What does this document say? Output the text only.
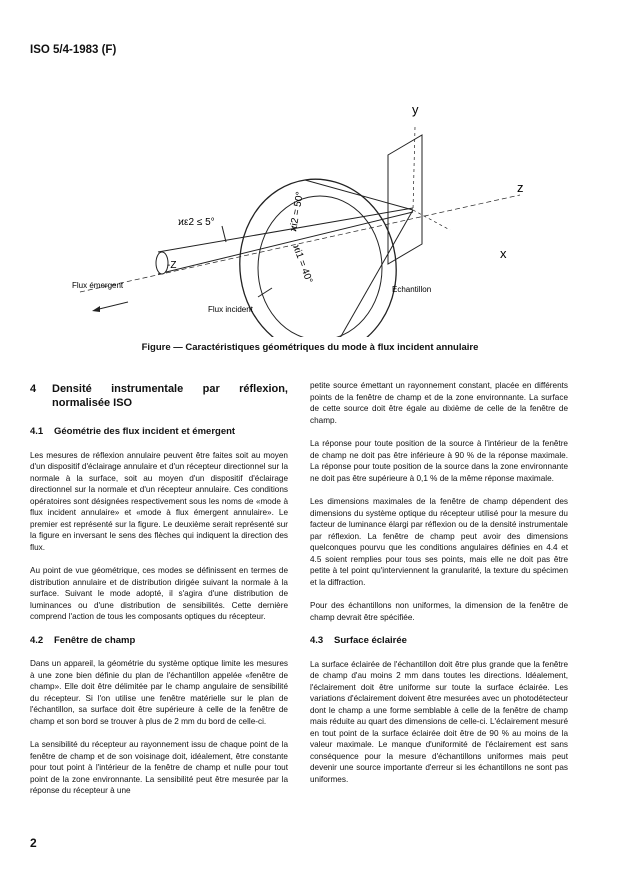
ISO 5/4-1983 (F)
y
z
x
-Z
ϰε2 ≤ 5°	ϰi2 = 50°
ϰi1 = 40°
Flux émergent
Flux incident
Échantillon
Figure — Caractéristiques géométriques du mode à flux incident annulaire
4	Densité instrumentale par réflexion, normalisée ISO
4.1	Géométrie des flux incident et émergent

Les mesures de réflexion annulaire peuvent être faites soit au moyen d'un dispositif d'éclairage annulaire et d'un récepteur directionnel sur la normale à la surface, soit au moyen d'un dispositif d'éclairage directionnel sur la normale et d'un récepteur annulaire. Ces conditions opératoires sont désignées respectivement sous les noms de «mode à flux incident annulaire» et «mode à flux émergent annulaire». Le premier est représenté sur la figure. Le deuxième serait représenté sur la figure en inversant le sens des flèches qui indiquent la direction des flux.

Au point de vue géométrique, ces modes se définissent en termes de distribution annulaire et de distribution dirigée suivant la normale à la surface. Suivant le mode adopté, il s'agira d'une distribution de luminances ou d'une distribution de sensibilités. Cette dernière comprend l'action de tous les composants optiques du récepteur.

4.2	Fenêtre de champ

Dans un appareil, la géométrie du système optique limite les mesures à une zone bien définie du plan de l'échantillon appelée «fenêtre de champ». Elle doit être délimitée par le champ angulaire de sensibilité du récepteur. Si l'on utilise une fenêtre matérielle sur le plan de l'échantillon, sa surface doit être supérieure à celle de la fenêtre de champ et son bord se trouver à plus de 2 mm du bord de celle-ci.

La sensibilité du récepteur au rayonnement issu de chaque point de la fenêtre de champ et de son voisinage doit, idéalement, être constante pour tout point à l'intérieur de la fenêtre de champ et nulle pour tout point de la zone environnante. La sensibilité peut être mesurée par la réponse du récepteur à une

petite source émettant un rayonnement constant, placée en différents points de la fenêtre de champ et de la zone environnante. La surface de cette source doit être égale au dixième de celle de la fenêtre de champ.

La réponse pour toute position de la source à l'intérieur de la fenêtre de champ ne doit pas être inférieure à 90 % de la réponse maximale. La réponse pour toute position de la source dans la zone environnante ne doit pas être supérieure à 0,1 % de la même réponse maximale.

Les dimensions maximales de la fenêtre de champ dépendent des dimensions du système optique du récepteur utilisé pour la mesure du facteur de luminance élargi par réflexion ou de la densité instrumentale par réflexion. La fenêtre de champ peut avoir des dimensions quelconques pourvu que les conditions angulaires définies en 4.4 et 4.5 soient remplies pour tous ses points, mais elle ne doit pas être petite à tel point qu'interviennent la granularité, la texture du spécimen et la diffraction.

Pour des échantillons non uniformes, la dimension de la fenêtre de champ devrait être spécifiée.

4.3	Surface éclairée

La surface éclairée de l'échantillon doit être plus grande que la fenêtre de champ d'au moins 2 mm dans toutes les directions. Idéalement, l'éclairement doit être uniforme sur toute la surface éclairée. Les variations d'éclairement doivent être mesurées avec un photodétecteur dont le champ a une forme semblable à celle de la fenêtre de champ mais réduite au quart des dimensions de celle-ci. L'éclairement mesuré en tout point de la surface éclairée doit être de 90 % au moins de la valeur maximale. Le manque d'uniformité de l'éclairement est sans conséquence pour la mesure d'échantillons uniformes mais peut devenir une source importante d'erreur si les échantillons ne sont pas uniformes.

2
